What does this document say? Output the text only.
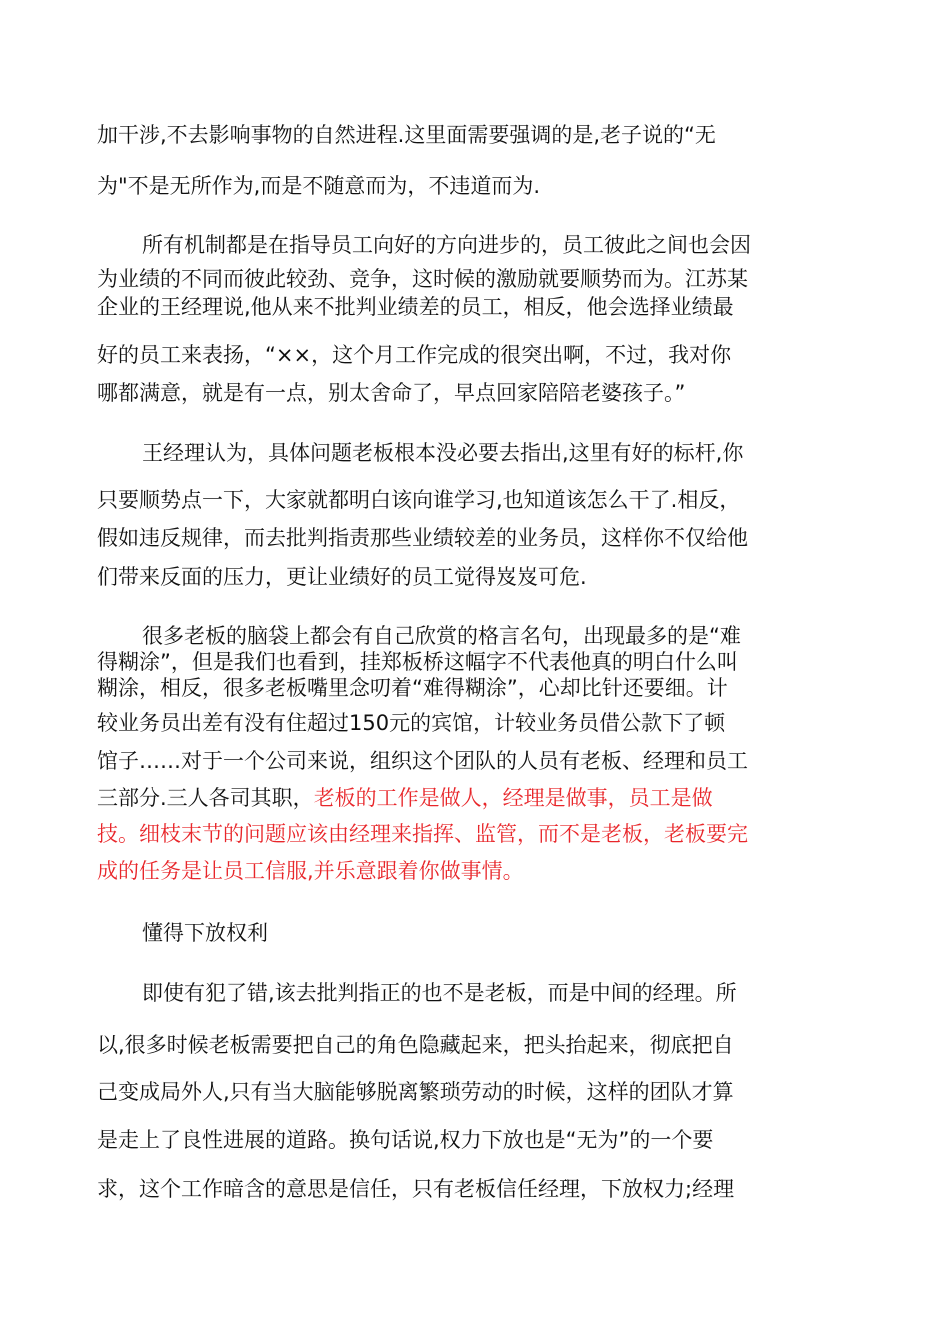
加干涉,不去影响事物的自然进程.这里面需要强调的是,老子说的“无
为"不是无所作为,而是不随意而为，不违道而为.
所有机制都是在指导员工向好的方向进步的，员工彼此之间也会因
为业绩的不同而彼此较劲、竞争，这时候的激励就要顺势而为。江苏某
企业的王经理说,他从来不批判业绩差的员工，相反，他会选择业绩最
好的员工来表扬，“××，这个月工作完成的很突出啊，不过，我对你
哪都满意，就是有一点，别太舍命了，早点回家陪陪老婆孩子。”
王经理认为，具体问题老板根本没必要去指出,这里有好的标杆,你
只要顺势点一下，大家就都明白该向谁学习,也知道该怎么干了.相反，
假如违反规律，而去批判指责那些业绩较差的业务员，这样你不仅给他
们带来反面的压力，更让业绩好的员工觉得岌岌可危.
很多老板的脑袋上都会有自己欣赏的格言名句，出现最多的是“难
得糊涂”，但是我们也看到，挂郑板桥这幅字不代表他真的明白什么叫
糊涂，相反，很多老板嘴里念叨着“难得糊涂”，心却比针还要细。计
较业务员出差有没有住超过150元的宾馆，计较业务员借公款下了顿
馆子……对于一个公司来说，组织这个团队的人员有老板、经理和员工
三部分.三人各司其职，老板的工作是做人，经理是做事，员工是做
技。细枝末节的问题应该由经理来指挥、监管，而不是老板，老板要完
成的任务是让员工信服,并乐意跟着你做事情。
懂得下放权利
即使有犯了错,该去批判指正的也不是老板，而是中间的经理。所
以,很多时候老板需要把自己的角色隐藏起来，把头抬起来，彻底把自
己变成局外人,只有当大脑能够脱离繁琐劳动的时候，这样的团队才算
是走上了良性进展的道路。换句话说,权力下放也是“无为”的一个要
求，这个工作暗含的意思是信任，只有老板信任经理，下放权力;经理
